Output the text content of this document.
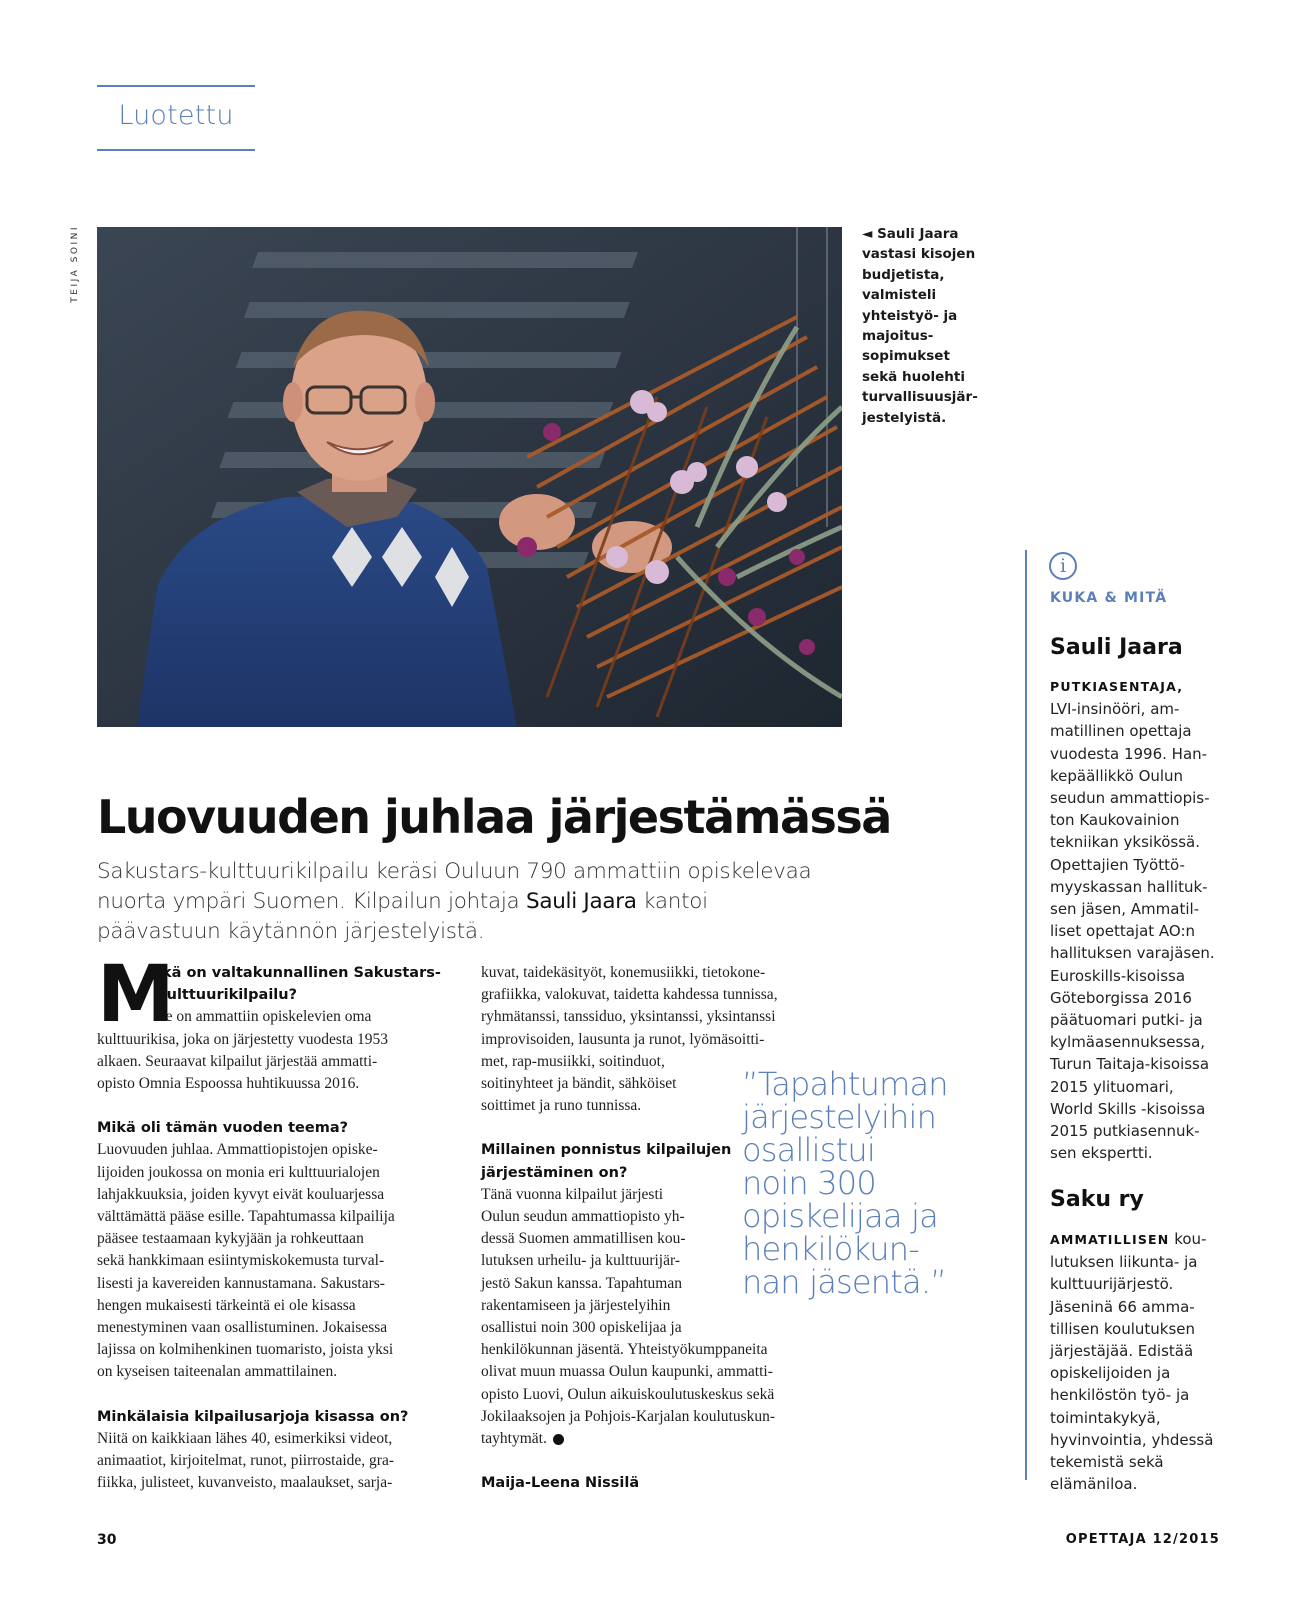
Luotettu
TEIJA SOINI	◄ Sauli Jaara
vastasi kisojen
budjetista,
valmisteli
yhteistyö- ja
majoitus-
sopimukset
sekä huolehti
turvallisuusjär-
jestelyistä.
Luovuuden juhlaa järjestämässä
Sakustars-kulttuurikilpailu keräsi Ouluun 790 ammattiin opiskelevaa nuorta ympäri Suomen. Kilpailun johtaja Sauli Jaara kantoi päävastuun käytännön järjestelyistä.
M
ikä on valtakunnallinen Sakustars-
kulttuurikilpailu?
Se on ammattiin opiskelevien oma
kulttuurikisa, joka on järjestetty vuodesta 1953
alkaen. Seuraavat kilpailut järjestää ammatti-
opisto Omnia Espoossa huhtikuussa 2016.
Mikä oli tämän vuoden teema?
Luovuuden juhlaa. Ammattiopistojen opiske-
lijoiden joukossa on monia eri kulttuurialojen
lahjakkuuksia, joiden kyvyt eivät kouluarjessa
välttämättä pääse esille. Tapahtumassa kilpailija
pääsee testaamaan kykyjään ja rohkeuttaan
sekä hankkimaan esiintymiskokemusta turval-
lisesti ja kavereiden kannustamana. Sakustars-
hengen mukaisesti tärkeintä ei ole kisassa
menestyminen vaan osallistuminen. Jokaisessa
lajissa on kolmihenkinen tuomaristo, joista yksi
on kyseisen taiteenalan ammattilainen.
Minkälaisia kilpailusarjoja kisassa on?
Niitä on kaikkiaan lähes 40, esimerkiksi videot,
animaatiot, kirjoitelmat, runot, piirrostaide, gra-
fiikka, julisteet, kuvanveisto, maalaukset, sarja-
kuvat, taidekäsityöt, konemusiikki, tietokone-
grafiikka, valokuvat, taidetta kahdessa tunnissa,
ryhmätanssi, tanssiduo, yksintanssi, yksintanssi
improvisoiden, lausunta ja runot, lyömäsoitti-
met, rap-musiikki, soitinduot,
soitinyhteet ja bändit, sähköiset
soittimet ja runo tunnissa.
Millainen ponnistus kilpailujen
järjestäminen on?
Tänä vuonna kilpailut järjesti
Oulun seudun ammattiopisto yh-
dessä Suomen ammatillisen kou-
lutuksen urheilu- ja kulttuurijär-
jestö Sakun kanssa. Tapahtuman
rakentamiseen ja järjestelyihin
osallistui noin 300 opiskelijaa ja
henkilökunnan jäsentä. Yhteistyökumppaneita
olivat muun muassa Oulun kaupunki, ammatti-
opisto Luovi, Oulun aikuiskoulutuskeskus sekä
Jokilaaksojen ja Pohjois-Karjalan koulutuskun-
tayhtymät.
Maija-Leena Nissilä
”Tapahtuman
järjestelyihin
osallistui
noin 300
opiskelijaa ja
henkilökun-
nan jäsentä.”
i
KUKA & MITÄ
Sauli Jaara
PUTKIASENTAJA,
LVI-insinööri, am-
matillinen opettaja
vuodesta 1996. Han-
kepäällikkö Oulun
seudun ammattiopis-
ton Kaukovainion
tekniikan yksikössä.
Opettajien Työttö-
myyskassan hallituk-
sen jäsen, Ammatil-
liset opettajat AO:n
hallituksen varajäsen.
Euroskills-kisoissa
Göteborgissa 2016
päätuomari putki- ja
kylmäasennuksessa,
Turun Taitaja-kisoissa
2015 ylituomari,
World Skills -kisoissa
2015 putkiasennuk-
sen ekspertti.
Saku ry
AMMATILLISEN kou-
lutuksen liikunta- ja
kulttuurijärjestö.
Jäseninä 66 amma-
tillisen koulutuksen
järjestäjää. Edistää
opiskelijoiden ja
henkilöstön työ- ja
toimintakykyä,
hyvinvointia, yhdessä
tekemistä sekä
elämäniloa.
30	OPETTAJA 12/2015
